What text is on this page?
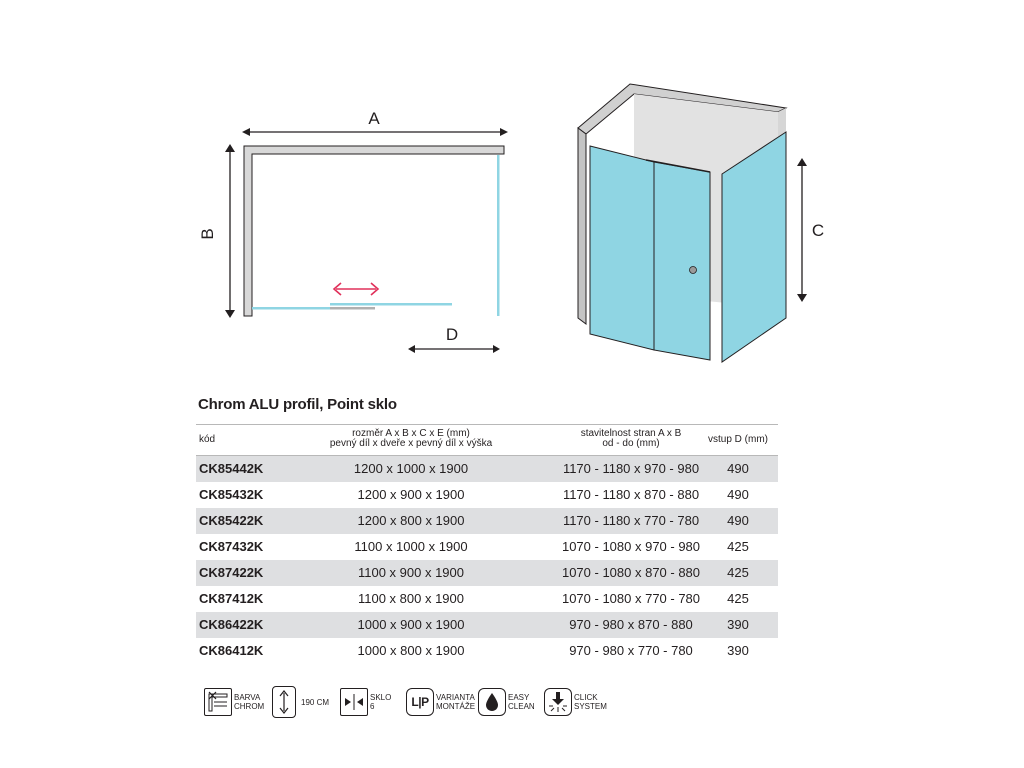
A
B
D
C
Chrom ALU profil, Point sklo
kód
rozměr A x B x C x E (mm)
pevný díl x dveře x pevný díl x výška
stavitelnost stran A x B
od - do (mm)	vstup D (mm)
CK85442K	1200 x 1000 x 1900	1170 - 1180 x 970 - 980	490
CK85432K	1200 x 900 x 1900	1170 - 1180 x 870 - 880	490
CK85422K	1200 x 800 x 1900	1170 - 1180 x 770 - 780	490
CK87432K	1100 x 1000 x 1900	1070 - 1080 x 970 - 980	425
CK87422K	1100 x 900 x 1900	1070 - 1080 x 870 - 880	425
CK87412K	1100 x 800 x 1900	1070 - 1080 x 770 - 780	425
CK86422K	1000 x 900 x 1900	970 - 980 x 870 - 880	390
CK86412K	1000 x 800 x 1900	970 - 980 x 770 - 780	390
BARVA
CHROM	190 CM
SKLO
6	L|P VARIANTA
MONTÁŽE
EASY
CLEAN
CLICK
SYSTEM
